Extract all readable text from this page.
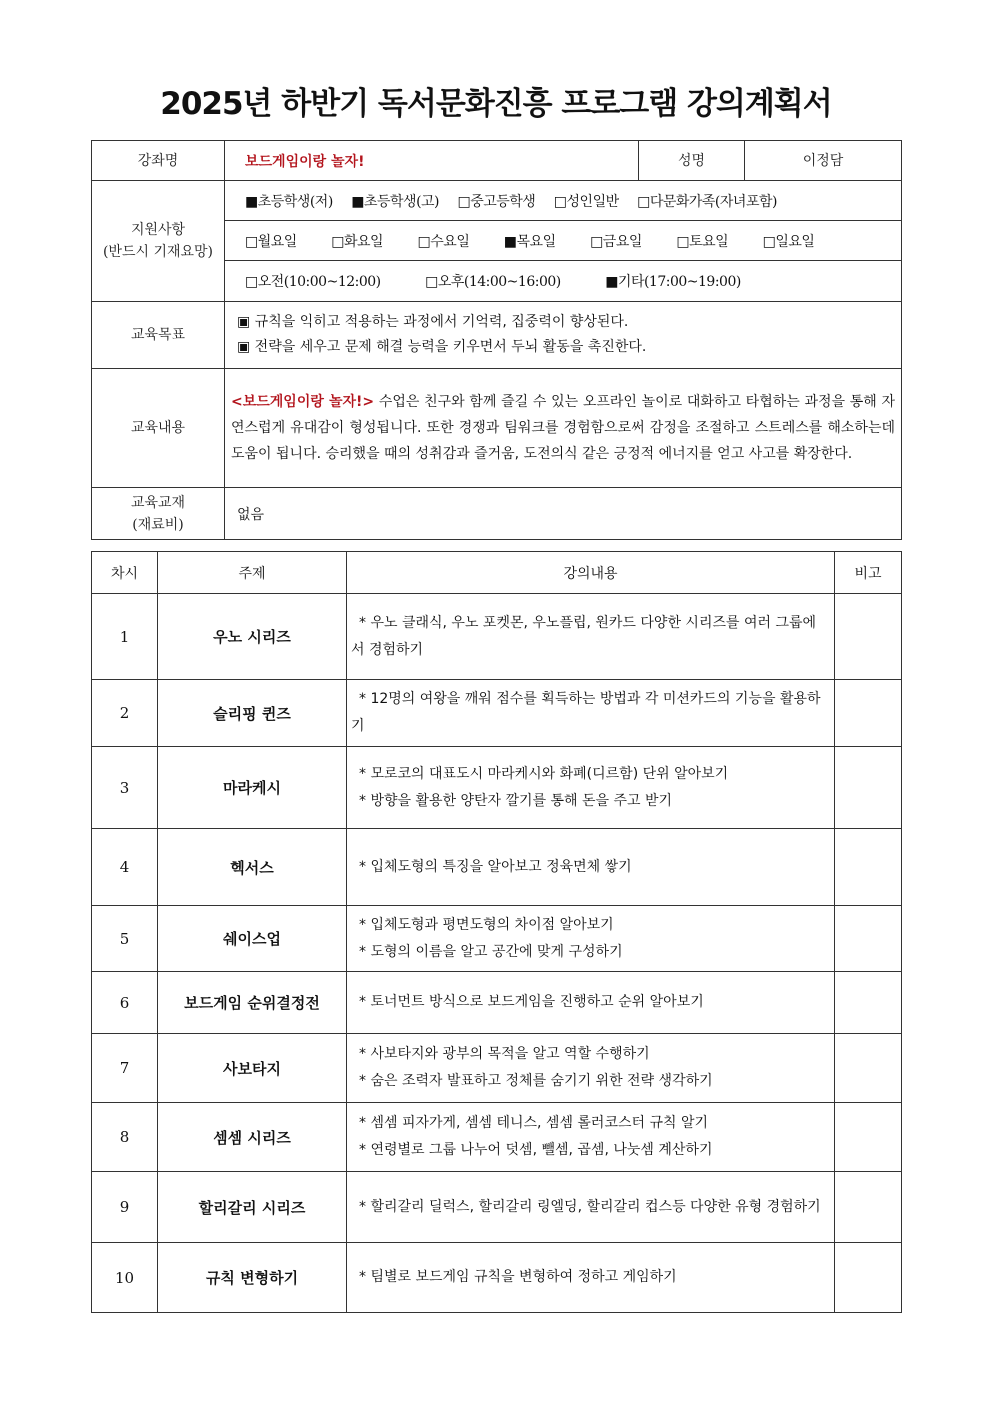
2025년 하반기 독서문화진흥 프로그램 강의계획서
강좌명	보드게임이랑 놀자!	성명	이정담

지원사항
(반드시 기재요망)	■초등학생(저) ■초등학생(고) □중고등학생 □성인일반 □다문화가족(자녀포함)		
	□월요일 □화요일 □수요일 ■목요일 □금요일 □토요일 □일요일		
	□오전(10:00~12:00) □오후(14:00~16:00) ■기타(17:00~19:00)		
교육목표	▣ 규칙을 익히고 적용하는 과정에서 기억력, 집중력이 향상된다.
▣ 전략을 세우고 문제 해결 능력을 키우면서 두뇌 활동을 촉진한다.		

교육내용	<보드게임이랑 놀자!> 수업은 친구와 함께 즐길 수 있는 오프라인 놀이로 대화하고 타협하는 과정을 통해 자연스럽게 유대감이 형성됩니다. 또한 경쟁과 팀워크를 경험함으로써 감정을 조절하고 스트레스를 해소하는데 도움이 됩니다. 승리했을 때의 성취감과 즐거움, 도전의식 같은 긍정적 에너지를 얻고 사고를 확장한다.		

교육교재
(재료비)	없음		
차시	주제	강의내용	비고
1	우노 시리즈	* 우노 클래식, 우노 포켓몬, 우노플립, 원카드 다양한 시리즈를 여러 그룹에서 경험하기	

2	슬리핑 퀸즈	* 12명의 여왕을 깨워 점수를 획득하는 방법과 각 미션카드의 기능을 활용하기	

3	마라케시	* 모로코의 대표도시 마라케시와 화폐(디르함) 단위 알아보기
* 방향을 활용한 양탄자 깔기를 통해 돈을 주고 받기	

4	헥서스	* 입체도형의 특징을 알아보고 정육면체 쌓기	

5	쉐이스업	* 입체도형과 평면도형의 차이점 알아보기
* 도형의 이름을 알고 공간에 맞게 구성하기	

6	보드게임 순위결정전	* 토너먼트 방식으로 보드게임을 진행하고 순위 알아보기	

7	사보타지	* 사보타지와 광부의 목적을 알고 역할 수행하기
* 숨은 조력자 발표하고 정체를 숨기기 위한 전략 생각하기	

8	셈셈 시리즈	* 셈셈 피자가게, 셈셈 테니스, 셈셈 롤러코스터 규칙 알기
* 연령별로 그룹 나누어 덧셈, 뺄셈, 곱셈, 나눗셈 계산하기	

9	할리갈리 시리즈	* 할리갈리 딜럭스, 할리갈리 링엘딩, 할리갈리 컵스등 다양한 유형 경험하기	

10	규칙 변형하기	* 팀별로 보드게임 규칙을 변형하여 정하고 게임하기	
